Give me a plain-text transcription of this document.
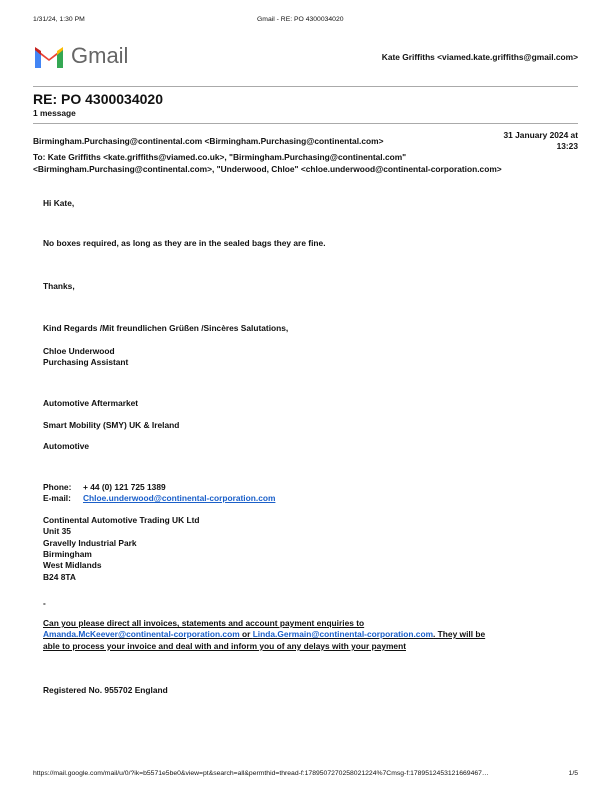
1/31/24, 1:30 PM	Gmail - RE: PO 4300034020
Gmail	Kate Griffiths <viamed.kate.griffiths@gmail.com>
RE: PO 4300034020
1 message
Birmingham.Purchasing@continental.com <Birmingham.Purchasing@continental.com>
31 January 2024 at
13:23
To: Kate Griffiths <kate.griffiths@viamed.co.uk>, "Birmingham.Purchasing@continental.com"
<Birmingham.Purchasing@continental.com>, "Underwood, Chloe" <chloe.underwood@continental-corporation.com>
Hi Kate,
No boxes required, as long as they are in the sealed bags they are fine.
Thanks,
Kind Regards /Mit freundlichen Grüßen /Sincères Salutations,
Chloe Underwood
Purchasing Assistant
Automotive Aftermarket
Smart Mobility (SMY) UK & Ireland
Automotive
Phone: + 44 (0) 121 725 1389
E-mail: Chloe.underwood@continental-corporation.com
Continental Automotive Trading UK Ltd
Unit 35
Gravelly Industrial Park
Birmingham
West Midlands
B24 8TA
-
Can you please direct all invoices, statements and account payment enquiries to
Amanda.McKeever@continental-corporation.com or Linda.Germain@continental-corporation.com. They will be
able to process your invoice and deal with and inform you of any delays with your payment
Registered No. 955702 England
https://mail.google.com/mail/u/0/?ik=b5571e5be0&view=pt&search=all&permthid=thread-f:1789507270258021224%7Cmsg-f:1789512453121669467…	1/5
